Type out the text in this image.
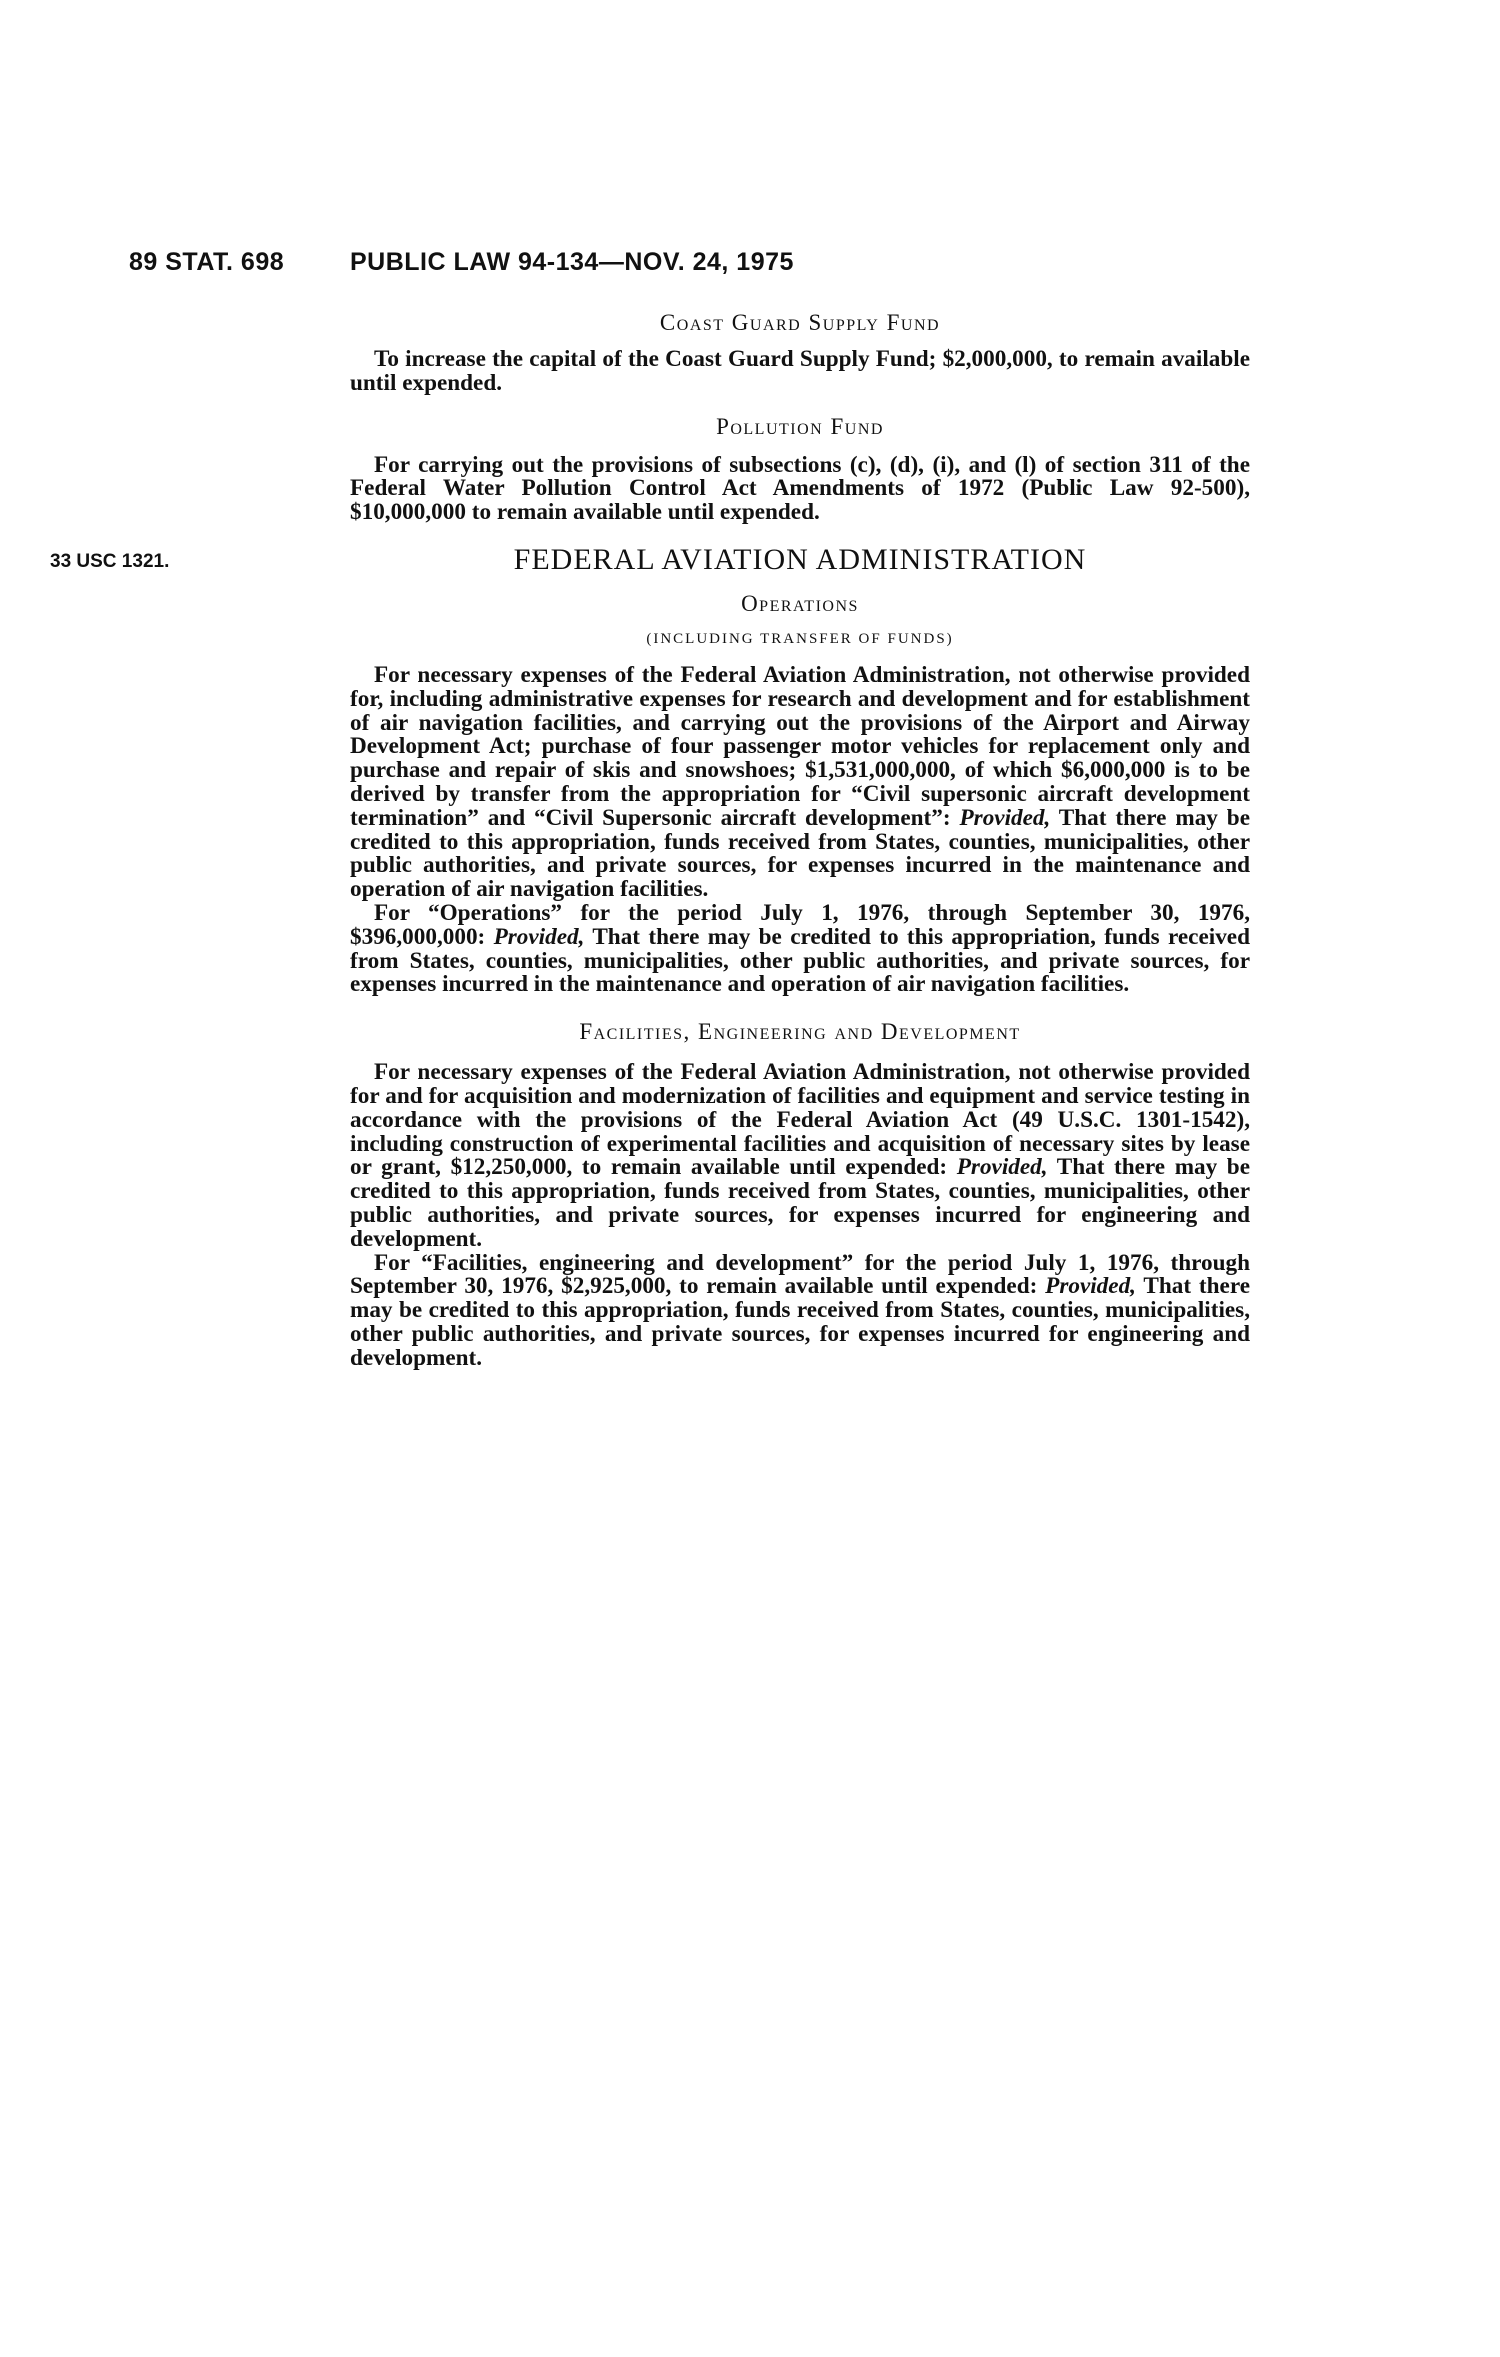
89 STAT. 698	PUBLIC LAW 94-134—NOV. 24, 1975
33 USC 1321.
Coast Guard Supply Fund

To increase the capital of the Coast Guard Supply Fund; $2,000,000, to remain available until expended.

Pollution Fund

For carrying out the provisions of subsections (c), (d), (i), and (l) of section 311 of the Federal Water Pollution Control Act Amendments of 1972 (Public Law 92-500), $10,000,000 to remain available until expended.

FEDERAL AVIATION ADMINISTRATION
Operations
(INCLUDING TRANSFER OF FUNDS)

For necessary expenses of the Federal Aviation Administration, not otherwise provided for, including administrative expenses for research and development and for establishment of air navigation facilities, and carrying out the provisions of the Airport and Airway Development Act; purchase of four passenger motor vehicles for replacement only and purchase and repair of skis and snowshoes; $1,531,000,000, of which $6,000,000 is to be derived by transfer from the appropriation for “Civil supersonic aircraft development termination” and “Civil Supersonic aircraft development”: Provided, That there may be credited to this appropriation, funds received from States, counties, municipalities, other public authorities, and private sources, for expenses incurred in the maintenance and operation of air navigation facilities.

For “Operations” for the period July 1, 1976, through September 30, 1976, $396,000,000: Provided, That there may be credited to this appropriation, funds received from States, counties, municipalities, other public authorities, and private sources, for expenses incurred in the maintenance and operation of air navigation facilities.

Facilities, Engineering and Development

For necessary expenses of the Federal Aviation Administration, not otherwise provided for and for acquisition and modernization of facilities and equipment and service testing in accordance with the provisions of the Federal Aviation Act (49 U.S.C. 1301-1542), including construction of experimental facilities and acquisition of necessary sites by lease or grant, $12,250,000, to remain available until expended: Provided, That there may be credited to this appropriation, funds received from States, counties, municipalities, other public authorities, and private sources, for expenses incurred for engineering and development.

For “Facilities, engineering and development” for the period July 1, 1976, through September 30, 1976, $2,925,000, to remain available until expended: Provided, That there may be credited to this appropriation, funds received from States, counties, municipalities, other public authorities, and private sources, for expenses incurred for engineering and development.
